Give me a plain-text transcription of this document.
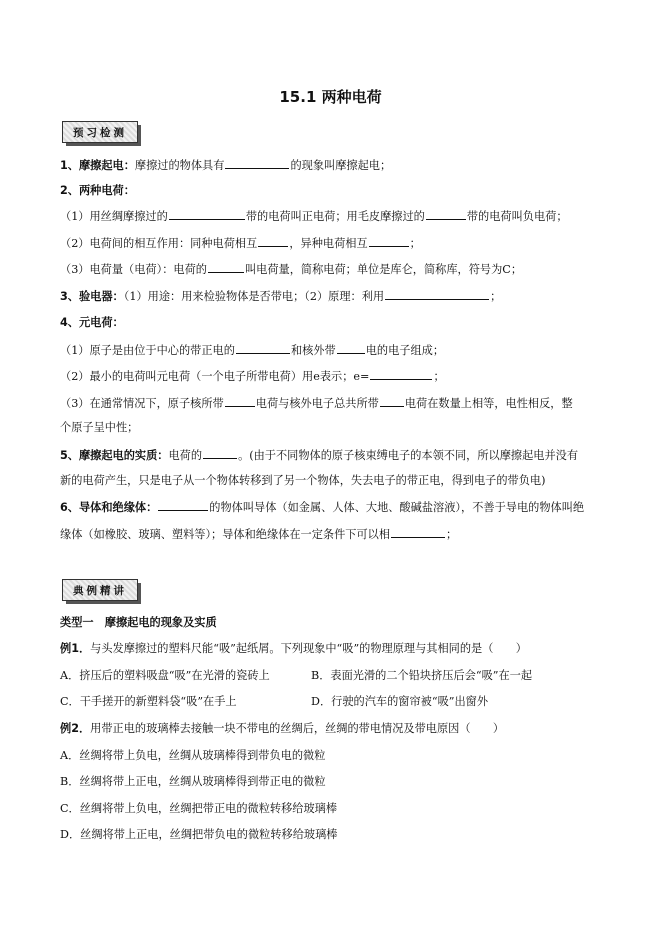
15.1 两种电荷
预习检测
1、摩擦起电：摩擦过的物体具有	的现象叫摩擦起电；
2、两种电荷：
（1）用丝绸摩擦过的	带的电荷叫正电荷；用毛皮摩擦过的	带的电荷叫负电荷；
（2）电荷间的相互作用：同种电荷相互	，异种电荷相互	；
（3）电荷量（电荷）：电荷的	叫电荷量，简称电荷；单位是库仑，简称库，符号为C；
3、验电器：（1）用途：用来检验物体是否带电；（2）原理：利用	；
4、元电荷：
（1）原子是由位于中心的带正电的	和核外带	电的电子组成；
（2）最小的电荷叫元电荷（一个电子所带电荷）用e表示；e=	；
（3）在通常情况下，原子核所带	电荷与核外电子总共所带 电荷在数量上相等，电性相反，整
个原子呈中性；
5、摩擦起电的实质：电荷的	。(由于不同物体的原子核束缚电子的本领不同，所以摩擦起电并没有
新的电荷产生，只是电子从一个物体转移到了另一个物体，失去电子的带正电，得到电子的带负电)
6、导体和绝缘体：	的物体叫导体（如金属、人体、大地、酸碱盐溶液），不善于导电的物体叫绝
缘体（如橡胶、玻璃、塑料等）；导体和绝缘体在一定条件下可以相	；
典例精讲
类型一　摩擦起电的现象及实质
例1．与头发摩擦过的塑料尺能“吸”起纸屑。下列现象中“吸”的物理原理与其相同的是（　　）
A．挤压后的塑料吸盘“吸”在光滑的瓷砖上	B．表面光滑的二个铅块挤压后会“吸”在一起
C．干手搓开的新塑料袋“吸”在手上	D．行驶的汽车的窗帘被“吸”出窗外
例2．用带正电的玻璃棒去接触一块不带电的丝绸后，丝绸的带电情况及带电原因（　　）
A．丝绸将带上负电，丝绸从玻璃棒得到带负电的微粒
B．丝绸将带上正电，丝绸从玻璃棒得到带正电的微粒
C．丝绸将带上负电，丝绸把带正电的微粒转移给玻璃棒
D．丝绸将带上正电，丝绸把带负电的微粒转移给玻璃棒
